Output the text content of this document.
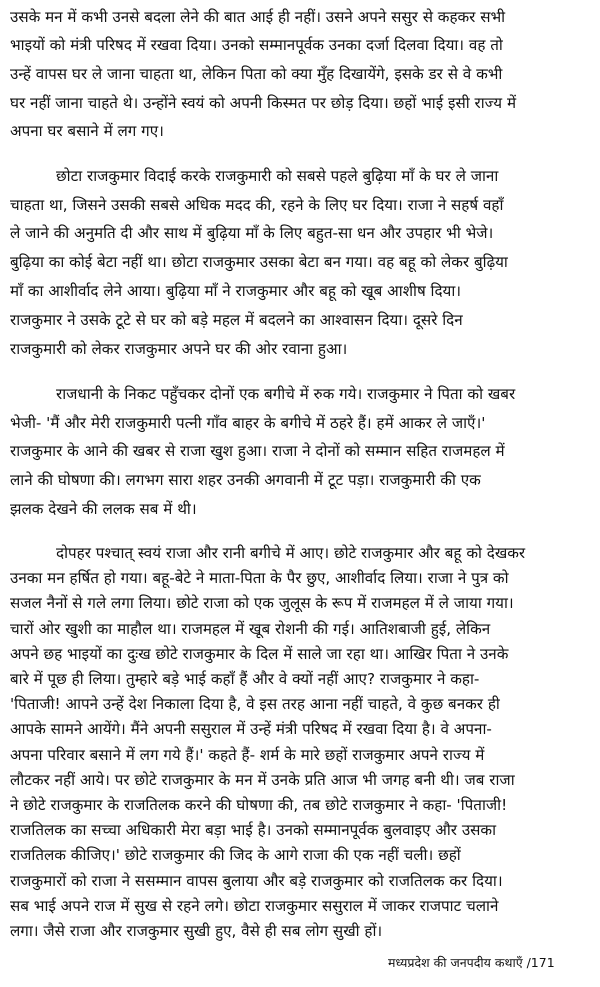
उसके मन में कभी उनसे बदला लेने की बात आई ही नहीं। उसने अपने ससुर से कहकर सभी
भाइयों को मंत्री परिषद में रखवा दिया। उनको सम्मानपूर्वक उनका दर्जा दिलवा दिया। वह तो
उन्हें वापस घर ले जाना चाहता था, लेकिन पिता को क्या मुँह दिखायेंगे, इसके डर से वे कभी
घर नहीं जाना चाहते थे। उन्होंने स्वयं को अपनी किस्मत पर छोड़ दिया। छहों भाई इसी राज्य में
अपना घर बसाने में लग गए।
छोटा राजकुमार विदाई करके राजकुमारी को सबसे पहले बुढ़िया माँ के घर ले जाना
चाहता था, जिसने उसकी सबसे अधिक मदद की, रहने के लिए घर दिया। राजा ने सहर्ष वहाँ
ले जाने की अनुमति दी और साथ में बुढ़िया माँ के लिए बहुत-सा धन और उपहार भी भेजे।
बुढ़िया का कोई बेटा नहीं था। छोटा राजकुमार उसका बेटा बन गया। वह बहू को लेकर बुढ़िया
माँ का आशीर्वाद लेने आया। बुढ़िया माँ ने राजकुमार और बहू को खूब आशीष दिया।
राजकुमार ने उसके टूटे से घर को बड़े महल में बदलने का आश्वासन दिया। दूसरे दिन
राजकुमारी को लेकर राजकुमार अपने घर की ओर रवाना हुआ।
राजधानी के निकट पहुँचकर दोनों एक बगीचे में रुक गये। राजकुमार ने पिता को खबर
भेजी- 'मैं और मेरी राजकुमारी पत्नी गाँव बाहर के बगीचे में ठहरे हैं। हमें आकर ले जाएँ।'
राजकुमार के आने की खबर से राजा खुश हुआ। राजा ने दोनों को सम्मान सहित राजमहल में
लाने की घोषणा की। लगभग सारा शहर उनकी अगवानी में टूट पड़ा। राजकुमारी की एक
झलक देखने की ललक सब में थी।
दोपहर पश्चात् स्वयं राजा और रानी बगीचे में आए। छोटे राजकुमार और बहू को देखकर
उनका मन हर्षित हो गया। बहू-बेटे ने माता-पिता के पैर छुए, आशीर्वाद लिया। राजा ने पुत्र को
सजल नैनों से गले लगा लिया। छोटे राजा को एक जुलूस के रूप में राजमहल में ले जाया गया।
चारों ओर खुशी का माहौल था। राजमहल में खूब रोशनी की गई। आतिशबाजी हुई, लेकिन
अपने छह भाइयों का दुःख छोटे राजकुमार के दिल में साले जा रहा था। आखिर पिता ने उनके
बारे में पूछ ही लिया। तुम्हारे बड़े भाई कहाँ हैं और वे क्यों नहीं आए? राजकुमार ने कहा-
'पिताजी! आपने उन्हें देश निकाला दिया है, वे इस तरह आना नहीं चाहते, वे कुछ बनकर ही
आपके सामने आयेंगे। मैंने अपनी ससुराल में उन्हें मंत्री परिषद में रखवा दिया है। वे अपना-
अपना परिवार बसाने में लग गये हैं।' कहते हैं- शर्म के मारे छहों राजकुमार अपने राज्य में
लौटकर नहीं आये। पर छोटे राजकुमार के मन में उनके प्रति आज भी जगह बनी थी। जब राजा
ने छोटे राजकुमार के राजतिलक करने की घोषणा की, तब छोटे राजकुमार ने कहा- 'पिताजी!
राजतिलक का सच्चा अधिकारी मेरा बड़ा भाई है। उनको सम्मानपूर्वक बुलवाइए और उसका
राजतिलक कीजिए।' छोटे राजकुमार की जिद के आगे राजा की एक नहीं चली। छहों
राजकुमारों को राजा ने ससम्मान वापस बुलाया और बड़े राजकुमार को राजतिलक कर दिया।
सब भाई अपने राज में सुख से रहने लगे। छोटा राजकुमार ससुराल में जाकर राजपाट चलाने
लगा। जैसे राजा और राजकुमार सुखी हुए, वैसे ही सब लोग सुखी हों।
मध्यप्रदेश की जनपदीय कथाएँ /171
